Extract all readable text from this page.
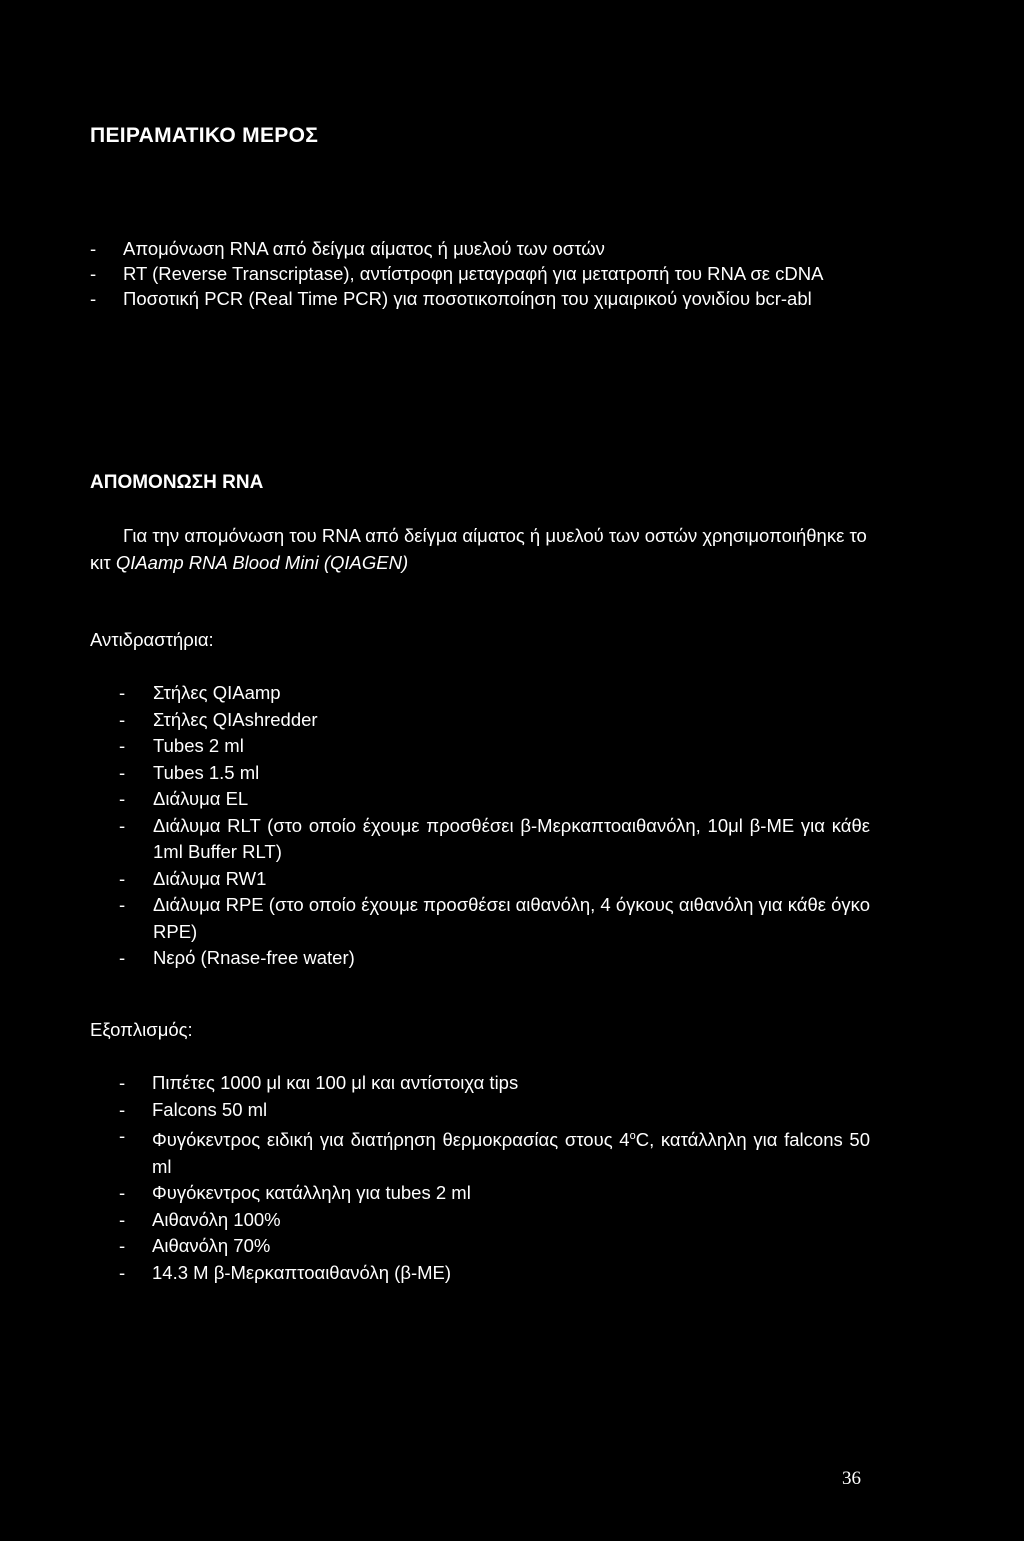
ΠΕΙΡΑΜΑΤΙΚΟ ΜΕΡΟΣ
- Απομόνωση RNA από δείγμα αίματος ή μυελού των οστών
- RT (Reverse Transcriptase), αντίστροφη μεταγραφή για μετατροπή του RNA σε cDNA
- Ποσοτική PCR (Real Time PCR) για ποσοτικοποίηση του χιμαιρικού γονιδίου bcr-abl
ΑΠΟΜΟΝΩΣΗ RNA
Για την απομόνωση του RNA από δείγμα αίματος ή μυελού των οστών χρησιμοποιήθηκε το κιτ QIAamp RNA Blood Mini (QIAGEN)
Αντιδραστήρια:
- Στήλες QIAamp
- Στήλες QIAshredder
- Tubes 2 ml
- Tubes 1.5 ml
- Διάλυμα EL
- Διάλυμα RLT (στο οποίο έχουμε προσθέσει β-Μερκαπτοαιθανόλη, 10μl β-ΜΕ για κάθε 1ml Buffer RLT)
- Διάλυμα RW1
- Διάλυμα RPE (στο οποίο έχουμε προσθέσει αιθανόλη, 4 όγκους αιθανόλη για κάθε όγκο RPE)
- Νερό (Rnase-free water)
Εξοπλισμός:
- Πιπέτες 1000 μl και 100 μl και αντίστοιχα tips
- Falcons 50 ml
- Φυγόκεντρος ειδική για διατήρηση θερμοκρασίας στους 4$^o$C, κατάλληλη για falcons 50 ml
- Φυγόκεντρος κατάλληλη για tubes 2 ml
- Αιθανόλη 100%
- Αιθανόλη 70%
- 14.3 Μ β-Μερκαπτοαιθανόλη (β-ΜΕ)
36
